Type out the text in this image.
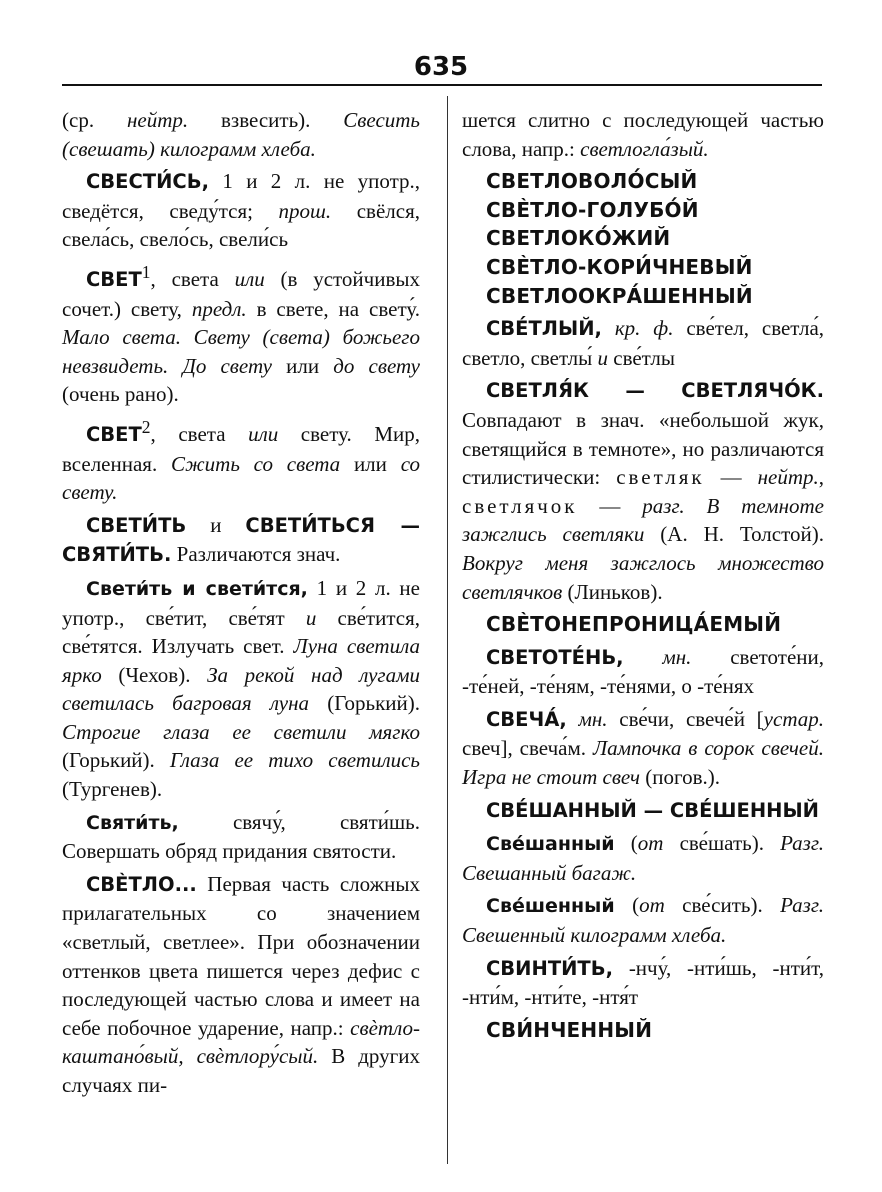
635

(ср. нейтр. взвесить). Свесить (свешать) килограмм хлеба.

СВЕСТИ́СЬ, 1 и 2 л. не употр., сведётся, сведу́тся; прош. свёлся, свела́сь, свело́сь, свели́сь

СВЕТ$^1$, света или (в устойчивых сочет.) свету, предл. в свете, на свету́. Мало света. Свету (света) божьего невзвидеть. До свету или до свету (очень рано).

СВЕТ$^2$, света или свету. Мир, вселенная. Сжить со света или со свету.

СВЕТИ́ТЬ и СВЕТИ́ТЬСЯ — СВЯТИ́ТЬ. Различаются знач.

Свети́ть и свети́тся, 1 и 2 л. не употр., све́тит, све́тят и све́тится, све́тятся. Излучать свет. Луна светила ярко (Чехов). За рекой над лугами светилась багровая луна (Горький). Строгие глаза ее светили мягко (Горький). Глаза ее тихо светились (Тургенев).

Святи́ть, свячу́, святи́шь. Совершать обряд придания святости.

СВЀТЛО... Первая часть сложных прилагательных со значением «светлый, светлее». При обозначении оттенков цвета пишется через дефис с последующей частью слова и имеет на себе побочное ударение, напр.: свѐтло-каштано́вый, свѐтлору́сый. В других случаях пи-

шется слитно с последующей частью слова, напр.: светлогла́зый.

СВЕТЛОВОЛО́СЫЙ

СВЀТЛО-ГОЛУБО́Й

СВЕТЛОКО́ЖИЙ

СВЀТЛО-КОРИ́ЧНЕВЫЙ

СВЕТЛООКРА́ШЕННЫЙ

СВЕ́ТЛЫЙ, кр. ф. све́тел, светла́, светло, светлы́ и све́тлы

СВЕТЛЯ́К — СВЕТЛЯЧО́К. Совпадают в знач. «небольшой жук, светящийся в темноте», но различаются стилистически: светляк — нейтр., светлячок — разг. В темноте зажглись светляки (А. Н. Толстой). Вокруг меня зажглось множество светлячков (Линьков).

СВЀТОНЕПРОНИЦА́ЕМЫЙ

СВЕТОТЕ́НЬ, мн. светоте́ни, -те́ней, -те́ням, -те́нями, о -те́нях

СВЕЧА́, мн. све́чи, свече́й [устар. свеч], свеча́м. Лампочка в сорок свечей. Игра не стоит свеч (погов.).

СВЕ́ШАННЫЙ — СВЕ́ШЕННЫЙ

Све́шанный (от све́шать). Разг. Свешанный багаж.

Све́шенный (от све́сить). Разг. Свешенный килограмм хлеба.

СВИНТИ́ТЬ, -нчу́, -нти́шь, -нти́т, -нти́м, -нти́те, -нтя́т

СВИ́НЧЕННЫЙ
